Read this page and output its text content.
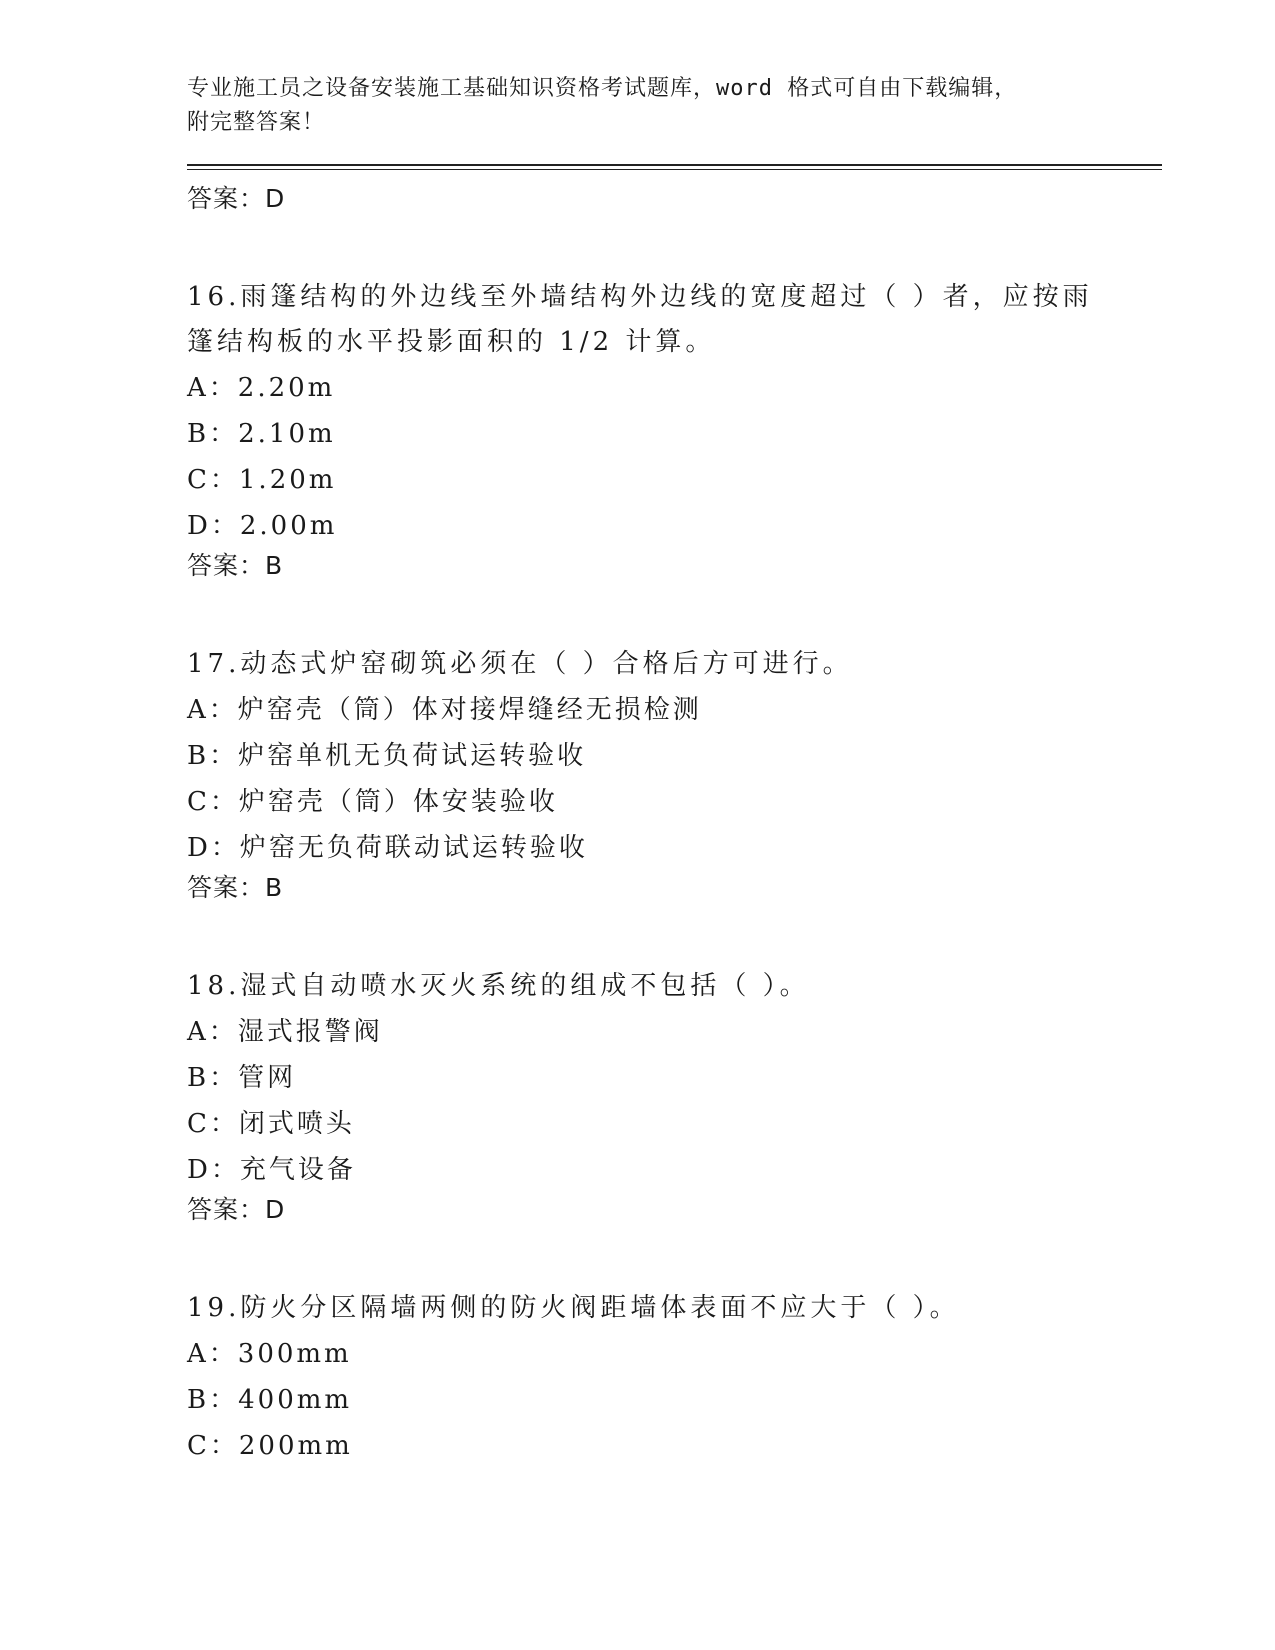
专业施工员之设备安装施工基础知识资格考试题库，word 格式可自由下载编辑，
附完整答案！
答案：D
16.雨篷结构的外边线至外墙结构外边线的宽度超过（ ）者，应按雨
篷结构板的水平投影面积的 1/2 计算。
A：2.20m
B：2.10m
C：1.20m
D：2.00m
答案：B
17.动态式炉窑砌筑必须在（ ）合格后方可进行。
A：炉窑壳（筒）体对接焊缝经无损检测
B：炉窑单机无负荷试运转验收
C：炉窑壳（筒）体安装验收
D：炉窑无负荷联动试运转验收
答案：B
18.湿式自动喷水灭火系统的组成不包括（ ）。
A：湿式报警阀
B：管网
C：闭式喷头
D：充气设备
答案：D
19.防火分区隔墙两侧的防火阀距墙体表面不应大于（ ）。
A：300mm
B：400mm
C：200mm
